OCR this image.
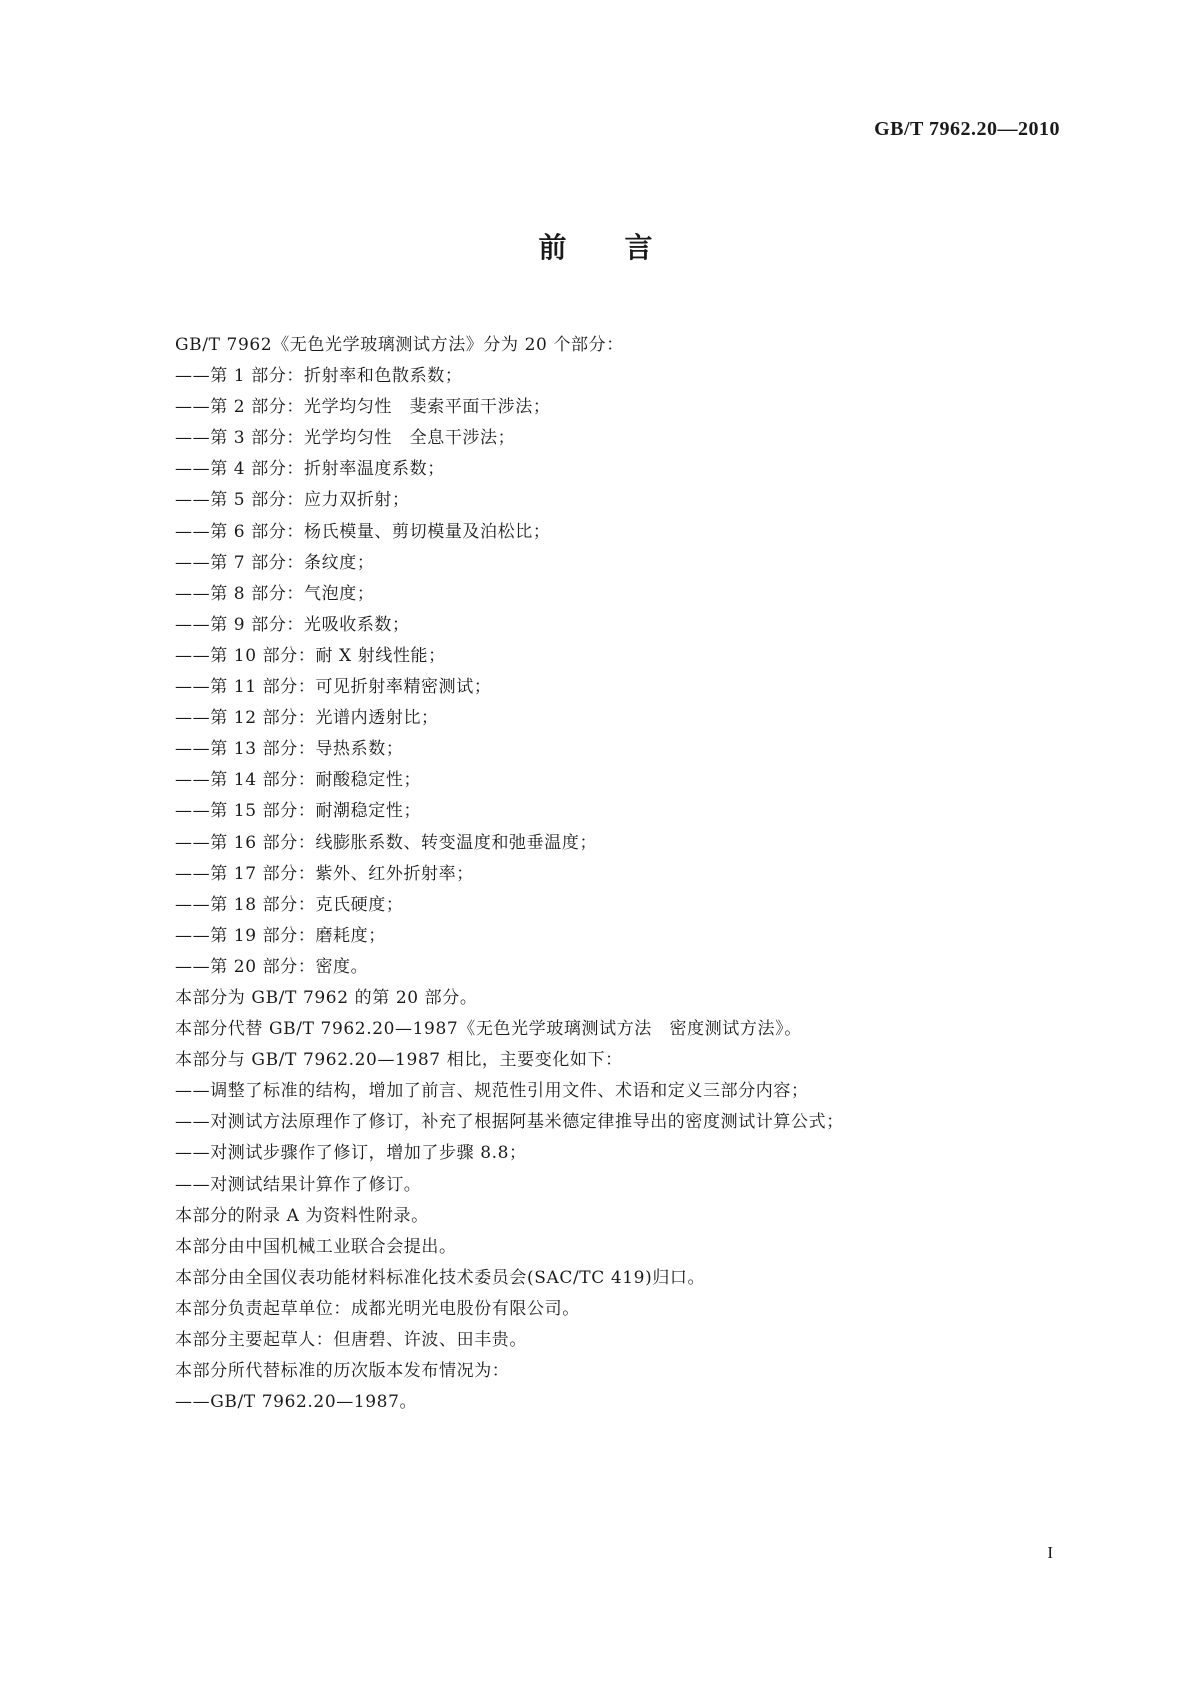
GB/T 7962.20—2010
前 言
GB/T 7962《无色光学玻璃测试方法》分为 20 个部分：
——第 1 部分：折射率和色散系数；
——第 2 部分：光学均匀性　斐索平面干涉法；
——第 3 部分：光学均匀性　全息干涉法；
——第 4 部分：折射率温度系数；
——第 5 部分：应力双折射；
——第 6 部分：杨氏模量、剪切模量及泊松比；
——第 7 部分：条纹度；
——第 8 部分：气泡度；
——第 9 部分：光吸收系数；
——第 10 部分：耐 X 射线性能；
——第 11 部分：可见折射率精密测试；
——第 12 部分：光谱内透射比；
——第 13 部分：导热系数；
——第 14 部分：耐酸稳定性；
——第 15 部分：耐潮稳定性；
——第 16 部分：线膨胀系数、转变温度和弛垂温度；
——第 17 部分：紫外、红外折射率；
——第 18 部分：克氏硬度；
——第 19 部分：磨耗度；
——第 20 部分：密度。
本部分为 GB/T 7962 的第 20 部分。
本部分代替 GB/T 7962.20—1987《无色光学玻璃测试方法　密度测试方法》。
本部分与 GB/T 7962.20—1987 相比，主要变化如下：
——调整了标准的结构，增加了前言、规范性引用文件、术语和定义三部分内容；
——对测试方法原理作了修订，补充了根据阿基米德定律推导出的密度测试计算公式；
——对测试步骤作了修订，增加了步骤 8.8；
——对测试结果计算作了修订。
本部分的附录 A 为资料性附录。
本部分由中国机械工业联合会提出。
本部分由全国仪表功能材料标准化技术委员会(SAC/TC 419)归口。
本部分负责起草单位：成都光明光电股份有限公司。
本部分主要起草人：但唐碧、许波、田丰贵。
本部分所代替标准的历次版本发布情况为：
——GB/T 7962.20—1987。
I
